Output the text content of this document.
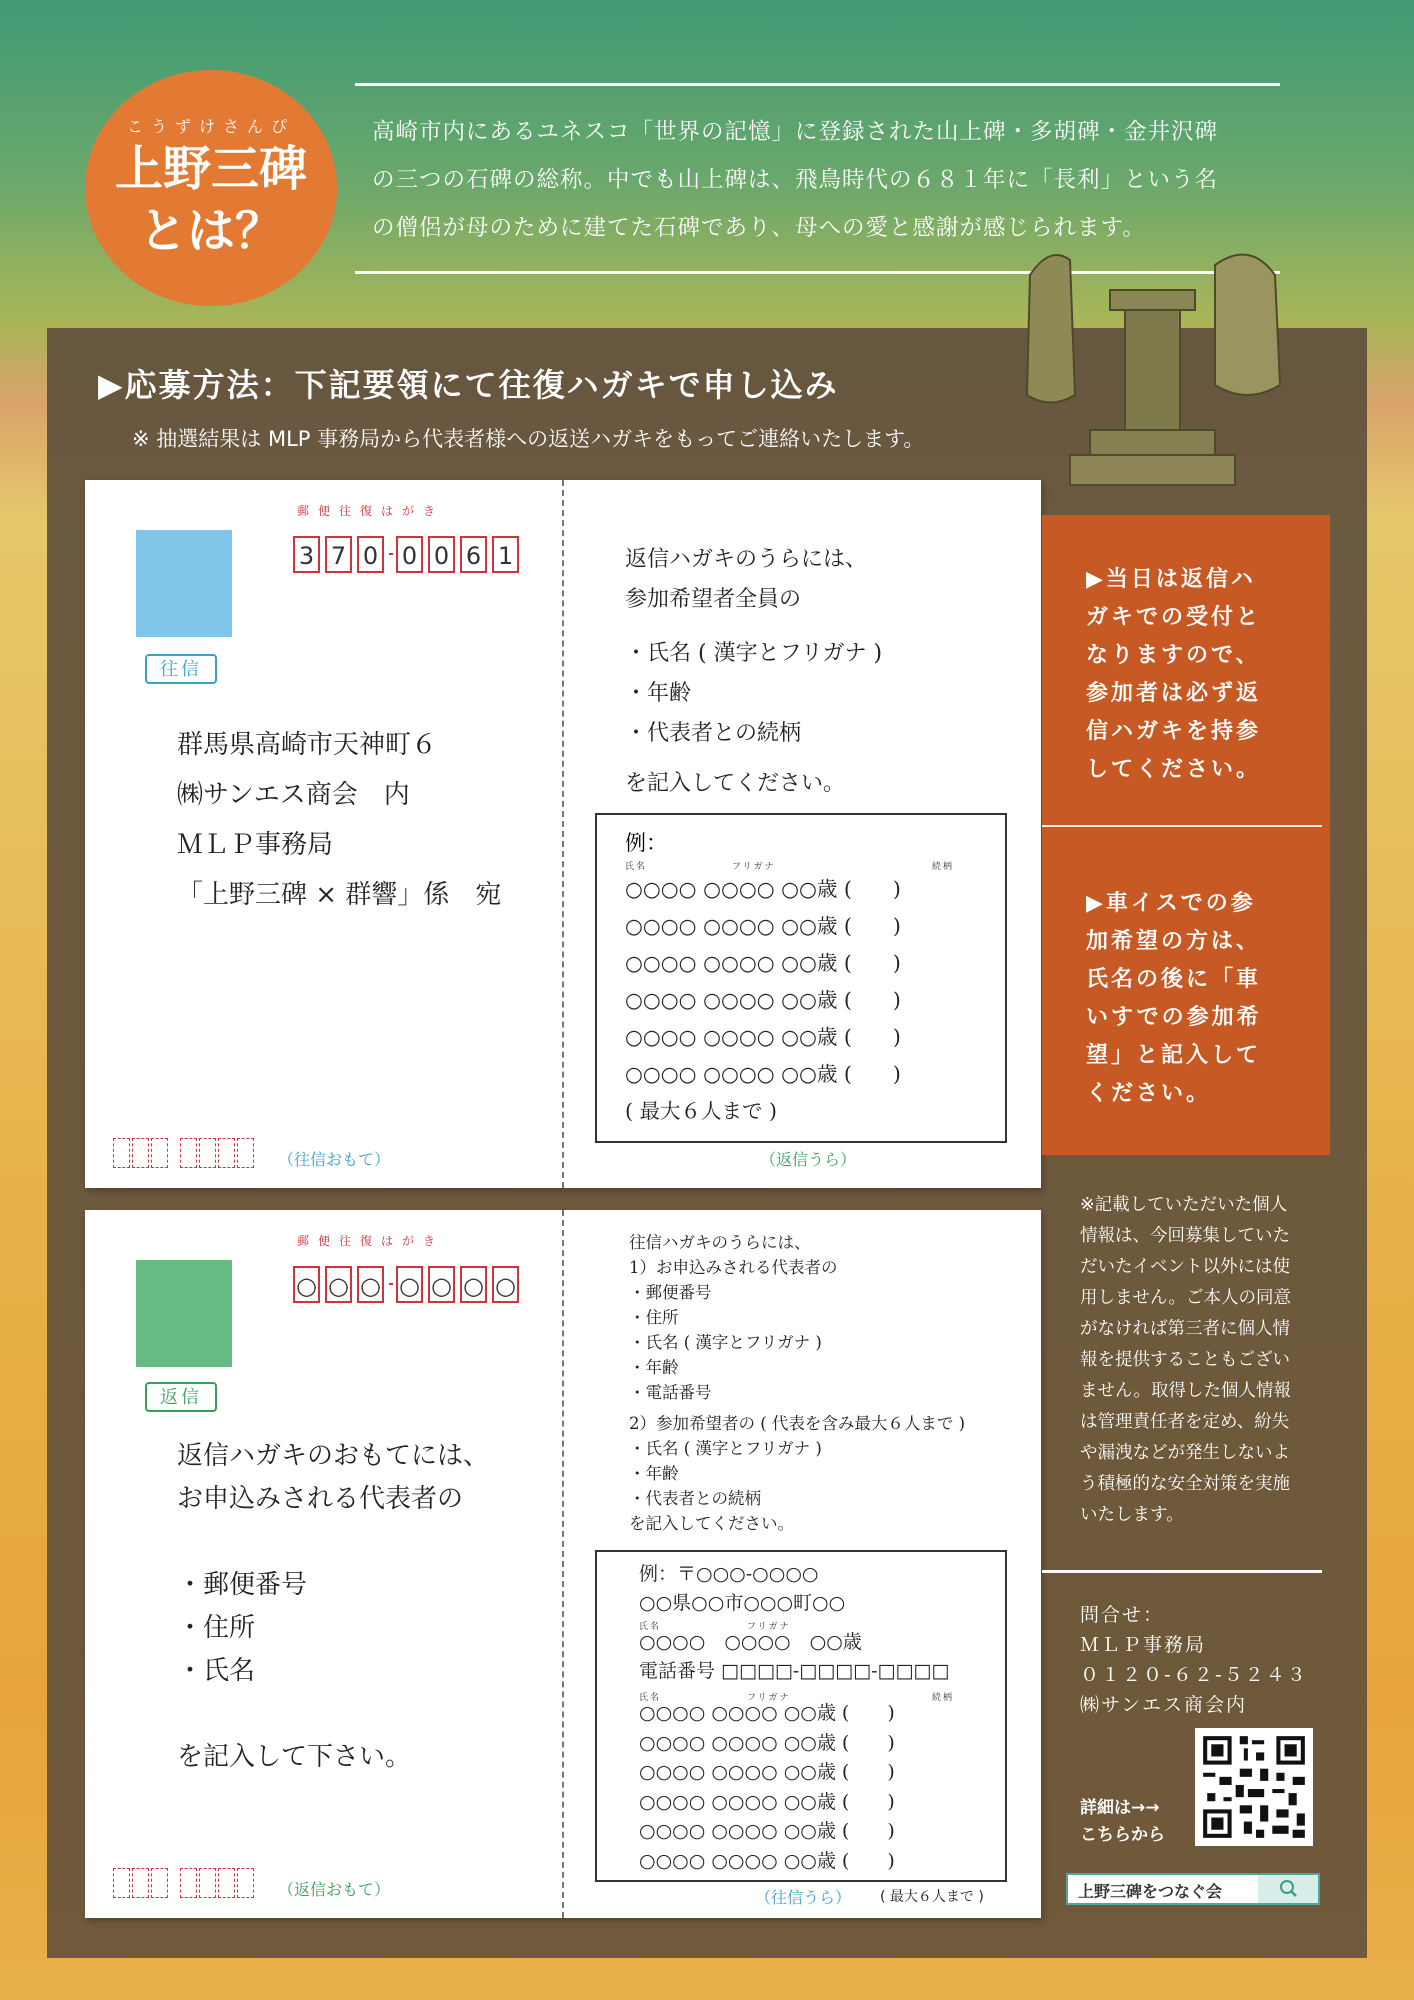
こうずけさんぴ
上野三碑
とは？
高崎市内にあるユネスコ「世界の記憶」に登録された山上碑・多胡碑・金井沢碑
の三つの石碑の総称。中でも山上碑は、飛鳥時代の６８１年に「長利」という名
の僧侶が母のために建てた石碑であり、母への愛と感謝が感じられます。
▶応募方法：下記要領にて往復ハガキで申し込み
※ 抽選結果は MLP 事務局から代表者様への返送ハガキをもってご連絡いたします。
郵便往復はがき
3 7 0 0 0 6 1
往信
群馬県高崎市天神町６
㈱サンエス商会　内
ＭＬＰ事務局
「上野三碑 × 群響」係　宛
（往信おもて）
返信ハガキのうらには、
参加希望者全員の
・氏名 ( 漢字とフリガナ )
・年齢
・代表者との続柄
を記入してください。
例：
氏名	フリガナ	続柄
○○○○ ○○○○ ○○歳 (　　)
○○○○ ○○○○ ○○歳 (　　)
○○○○ ○○○○ ○○歳 (　　)
○○○○ ○○○○ ○○歳 (　　)
○○○○ ○○○○ ○○歳 (　　)
○○○○ ○○○○ ○○歳 (　　)
( 最大６人まで )
（返信うら）
郵便往復はがき
○ ○ ○ ○ ○ ○ ○
返信
返信ハガキのおもてには、
お申込みされる代表者の
・郵便番号
・住所
・氏名
を記入して下さい。
（返信おもて）
往信ハガキのうらには、
1）お申込みされる代表者の
・郵便番号
・住所
・氏名 ( 漢字とフリガナ )
・年齢
・電話番号
2）参加希望者の ( 代表を含み最大６人まで )
・氏名 ( 漢字とフリガナ )
・年齢
・代表者との続柄
を記入してください。
例：〒○○○-○○○○
○○県○○市○○○町○○
氏名	フリガナ
○○○○　○○○○　○○歳
電話番号 □□□□-□□□□-□□□□
氏名	フリガナ	続柄
○○○○ ○○○○ ○○歳 (　　)
○○○○ ○○○○ ○○歳 (　　)
○○○○ ○○○○ ○○歳 (　　)
○○○○ ○○○○ ○○歳 (　　)
○○○○ ○○○○ ○○歳 (　　)
○○○○ ○○○○ ○○歳 (　　)
（往信うら） ( 最大６人まで )
▶当日は返信ハ
ガキでの受付と
なりますので、
参加者は必ず返
信ハガキを持参
してください。
▶車イスでの参
加希望の方は、
氏名の後に「車
いすでの参加希
望」と記入して
ください。
※記載していただいた個人
情報は、今回募集していた
だいたイベント以外には使
用しません。ご本人の同意
がなければ第三者に個人情
報を提供することもござい
ません。取得した個人情報
は管理責任者を定め、紛失
や漏洩などが発生しないよ
う積極的な安全対策を実施
いたします。
問合せ：
ＭＬＰ事務局
０１２０-６２-５２４３
㈱サンエス商会内
詳細は→→
こちらから
上野三碑をつなぐ会
